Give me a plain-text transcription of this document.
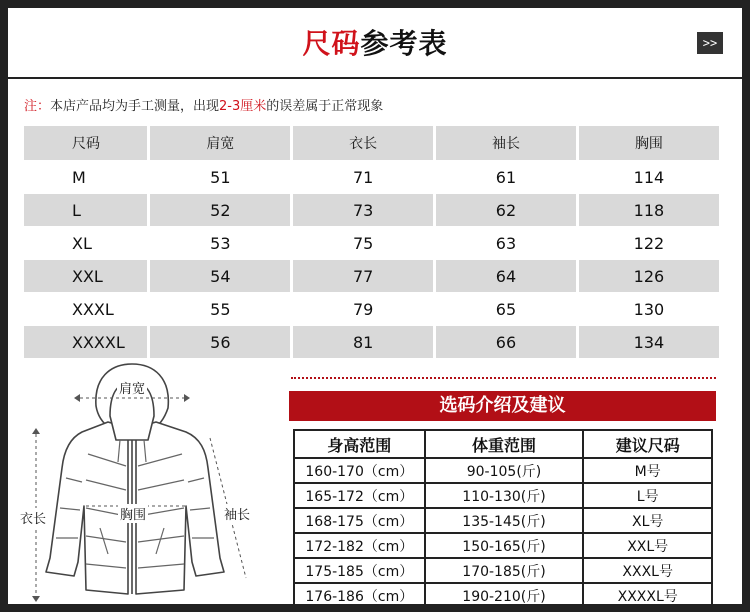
尺码参考表	>>
注：本店产品均为手工测量，出现2-3厘米的误差属于正常现象
尺码	肩宽	衣长	袖长	胸围
M	51	71	61	114
L	52	73	62	118
XL	53	75	63	122
XXL	54	77	64	126
XXXL	55	79	65	130
XXXXL	56	81	66	134
肩宽
衣长	胸围	袖长
选码介绍及建议
身高范围	体重范围	建议尺码
160-170（cm）	90-105(斤)	M号
165-172（cm）	110-130(斤)	L号
168-175（cm）	135-145(斤)	XL号
172-182（cm）	150-165(斤)	XXL号
175-185（cm）	170-185(斤)	XXXL号
176-186（cm）	190-210(斤)	XXXXL号
